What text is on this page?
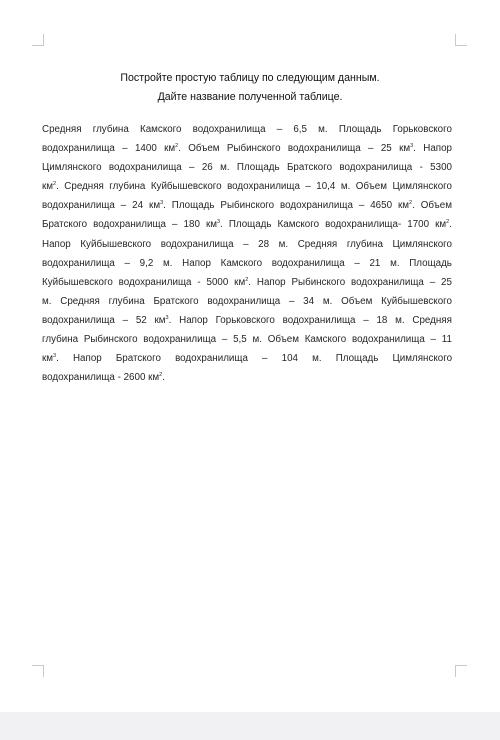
Постройте простую таблицу по следующим данным.
Дайте название полученной таблице.
Средняя глубина Камского водохранилища – 6,5 м. Площадь Горьковского
водохранилища – 1400 $км^2$. Объем Рыбинского водохранилища – 25 $км^3$. Напор
Цимлянского водохранилища – 26 м. Площадь Братского водохранилища - 5300
$км^2$. Средняя глубина Куйбышевского водохранилища – 10,4 м. Объем Цимлянского
водохранилища – 24 $км^3$. Площадь Рыбинского водохранилища – 4650 $км^2$. Объем
Братского водохранилища – 180 $км^3$. Площадь Камского водохранилища- 1700 $км^2$.
Напор Куйбышевского водохранилища – 28 м. Средняя глубина Цимлянского
водохранилища – 9,2 м. Напор Камского водохранилища – 21 м. Площадь
Куйбышевского водохранилища - 5000 $км^2$. Напор Рыбинского водохранилища – 25
м. Средняя глубина Братского водохранилища – 34 м. Объем Куйбышевского
водохранилища – 52 $км^3$. Напор Горьковского водохранилища – 18 м. Средняя
глубина Рыбинского водохранилища – 5,5 м. Объем Камского водохранилища – 11
$км^3$. Напор Братского водохранилища – 104 м. Площадь Цимлянского
водохранилища - 2600 $км^2$.
